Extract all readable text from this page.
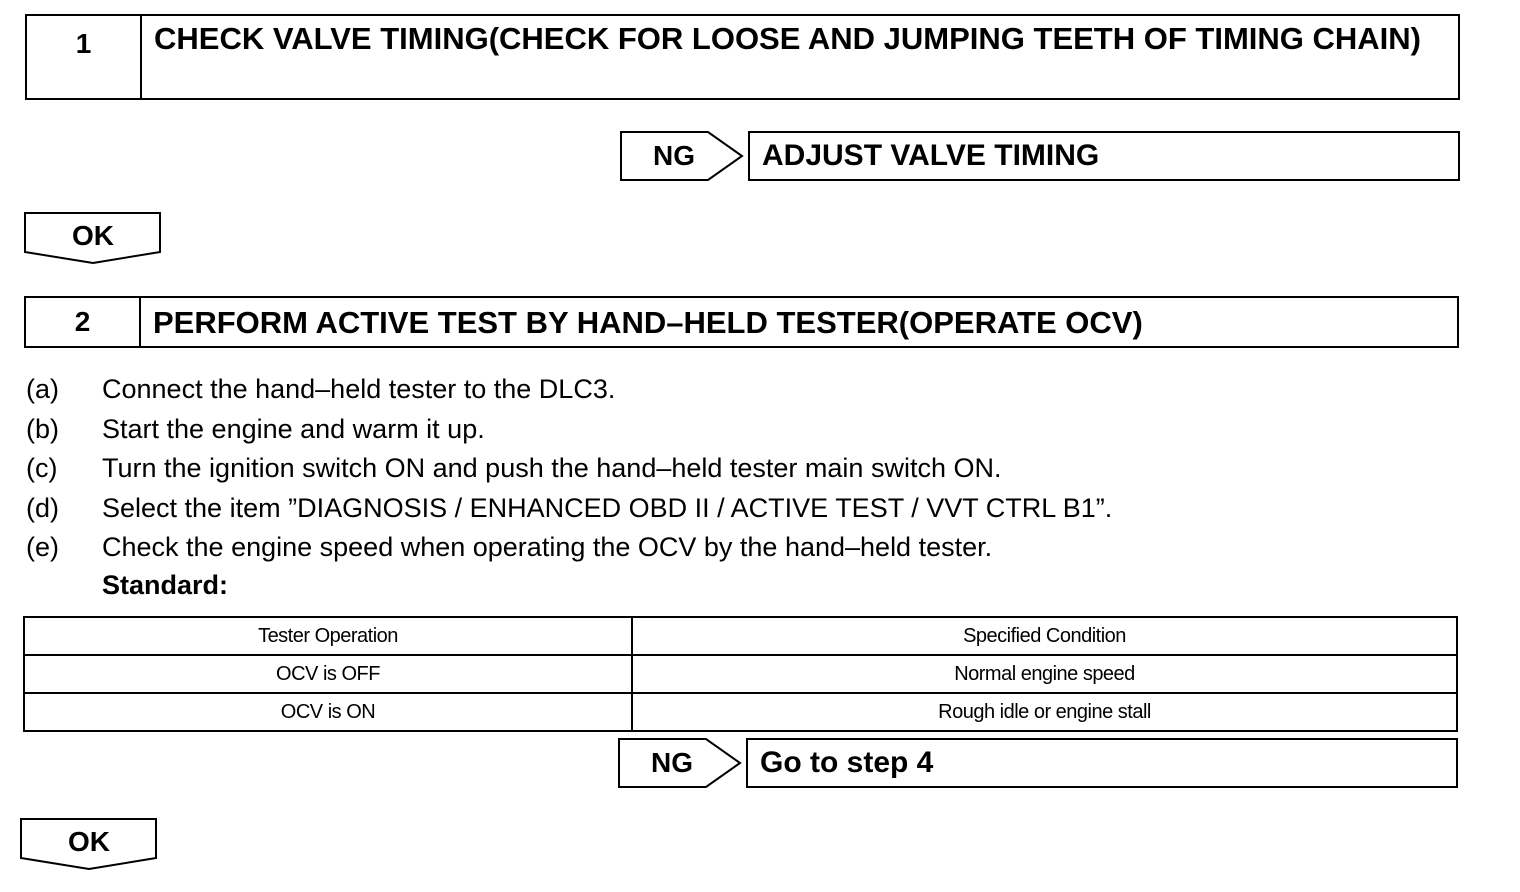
1	CHECK VALVE TIMING(CHECK FOR LOOSE AND JUMPING TEETH OF TIMING CHAIN)
NG	ADJUST VALVE TIMING
OK
2	PERFORM ACTIVE TEST BY HAND–HELD TESTER(OPERATE OCV)
(a)	Connect the hand–held tester to the DLC3.
(b)	Start the engine and warm it up.
(c)	Turn the ignition switch ON and push the hand–held tester main switch ON.
(d)	Select the item ”DIAGNOSIS / ENHANCED OBD II / ACTIVE TEST / VVT CTRL B1”.
(e)	Check the engine speed when operating the OCV by the hand–held tester.
Standard:
Tester Operation	Specified Condition
OCV is OFF	Normal engine speed
OCV is ON	Rough idle or engine stall
NG	Go to step 4
OK
